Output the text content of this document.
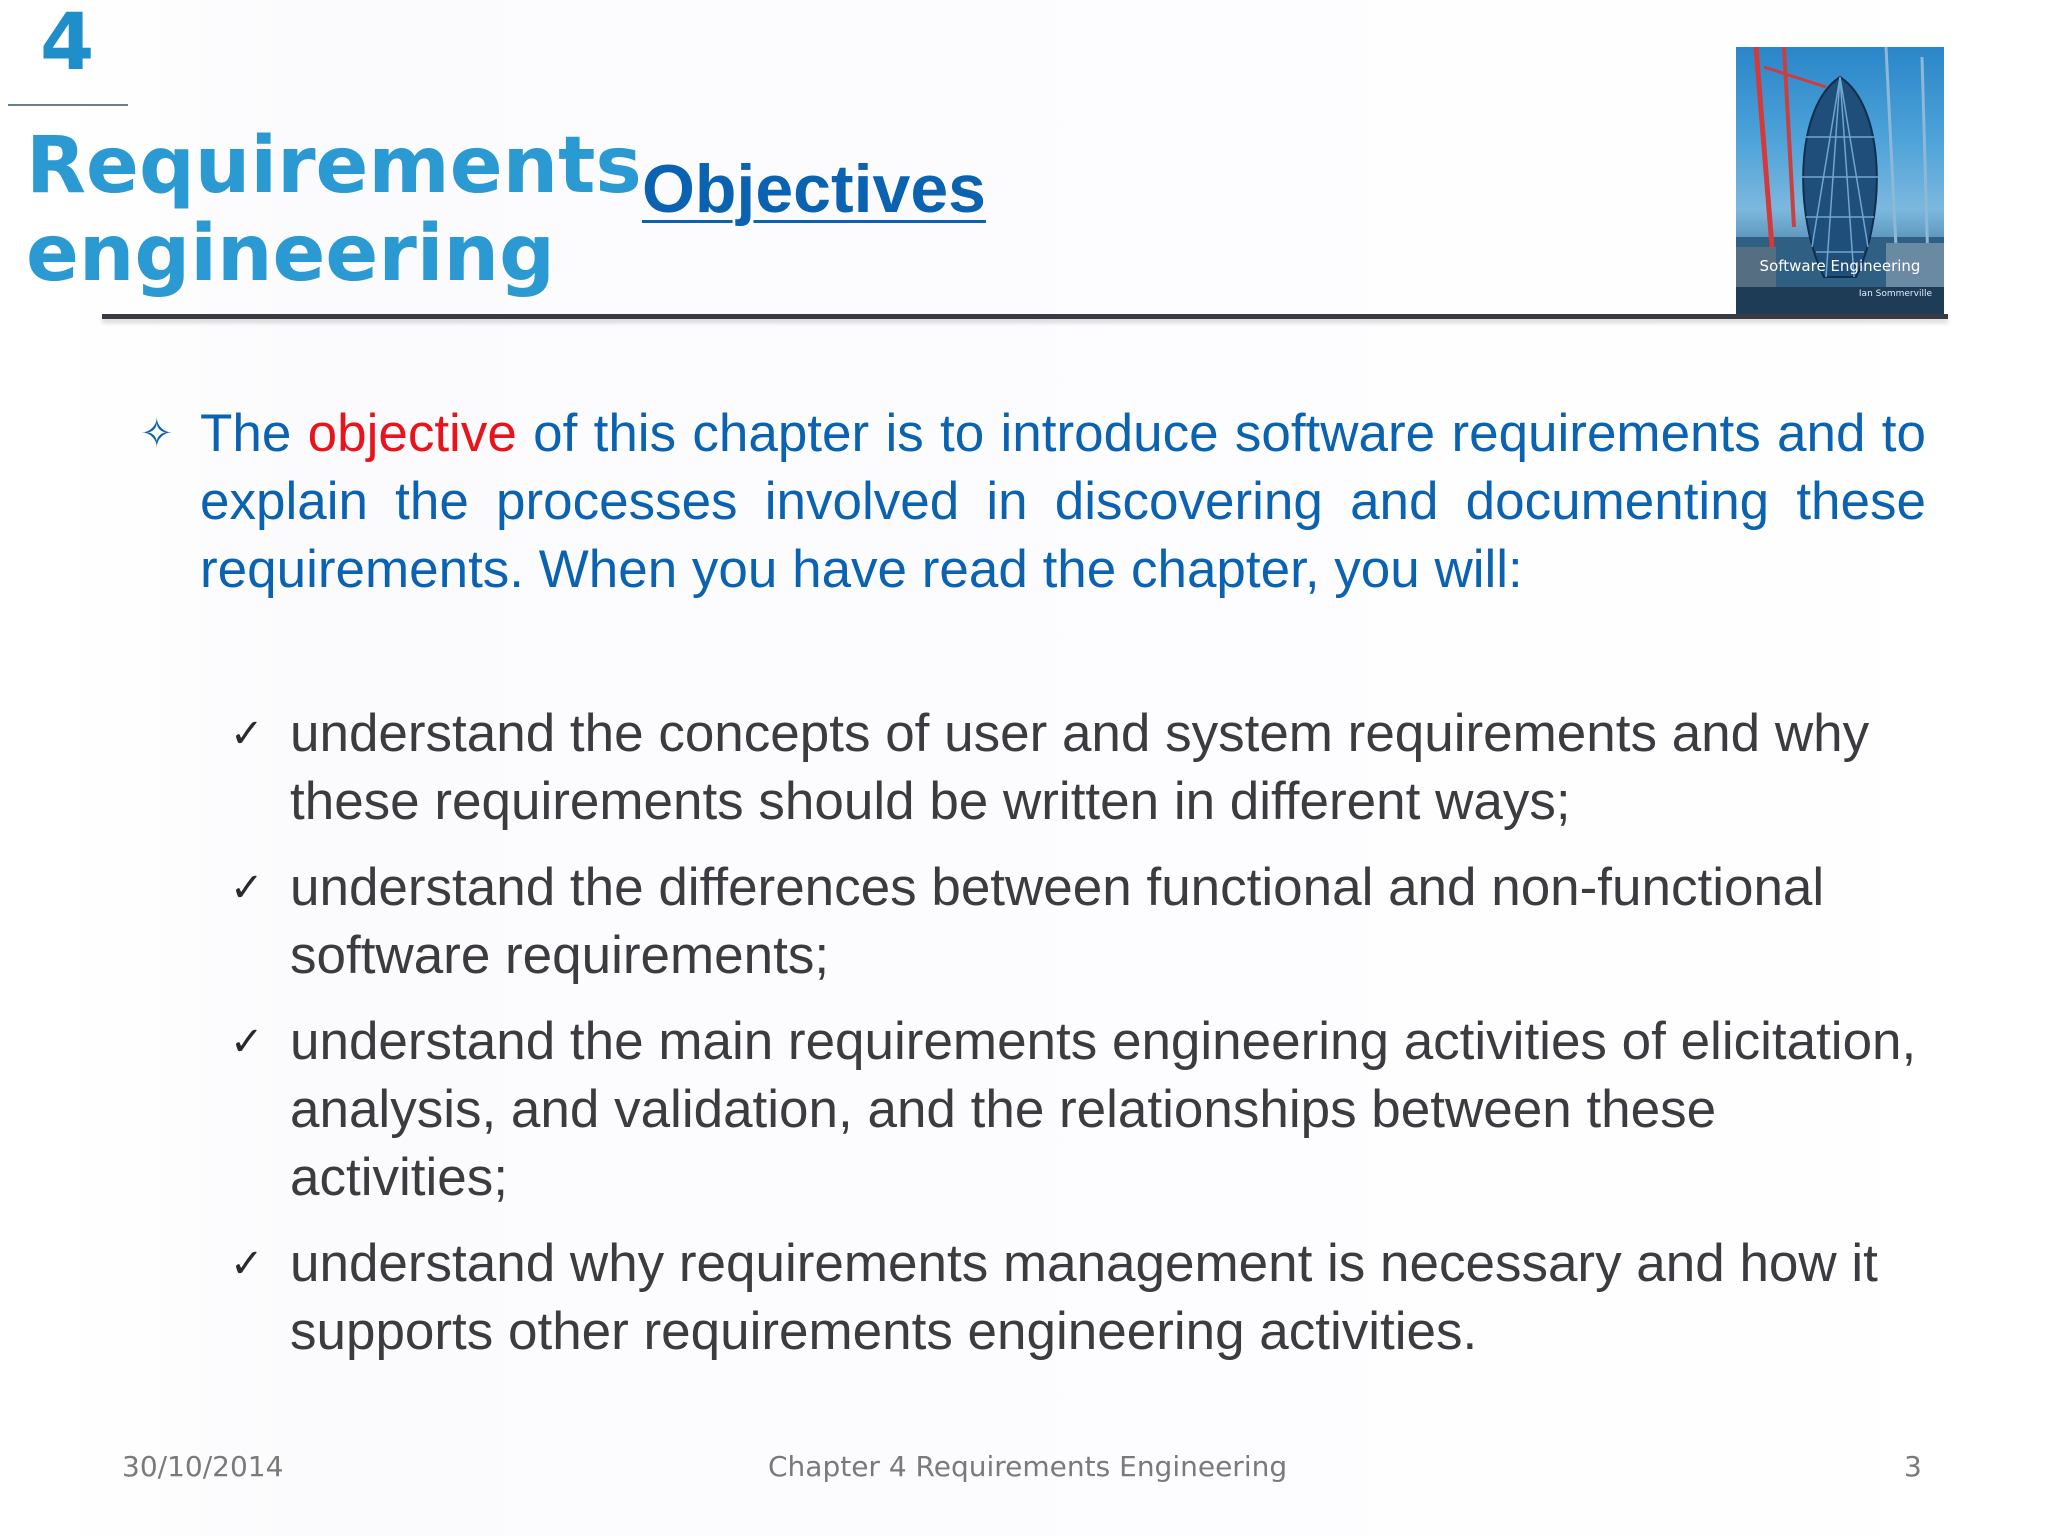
4
Requirements
engineering
Objectives
Software Engineering
Ian Sommerville
✧ The objective of this chapter is to introduce software requirements and to explain the processes involved in discovering and documenting these requirements. When you have read the chapter, you will:
✓ understand the concepts of user and system requirements and why these requirements should be written in different ways;
✓ understand the differences between functional and non-functional software requirements;
✓ understand the main requirements engineering activities of elicitation, analysis, and validation, and the relationships between these activities;
✓ understand why requirements management is necessary and how it supports other requirements engineering activities.
30/10/2014	Chapter 4 Requirements Engineering	3
